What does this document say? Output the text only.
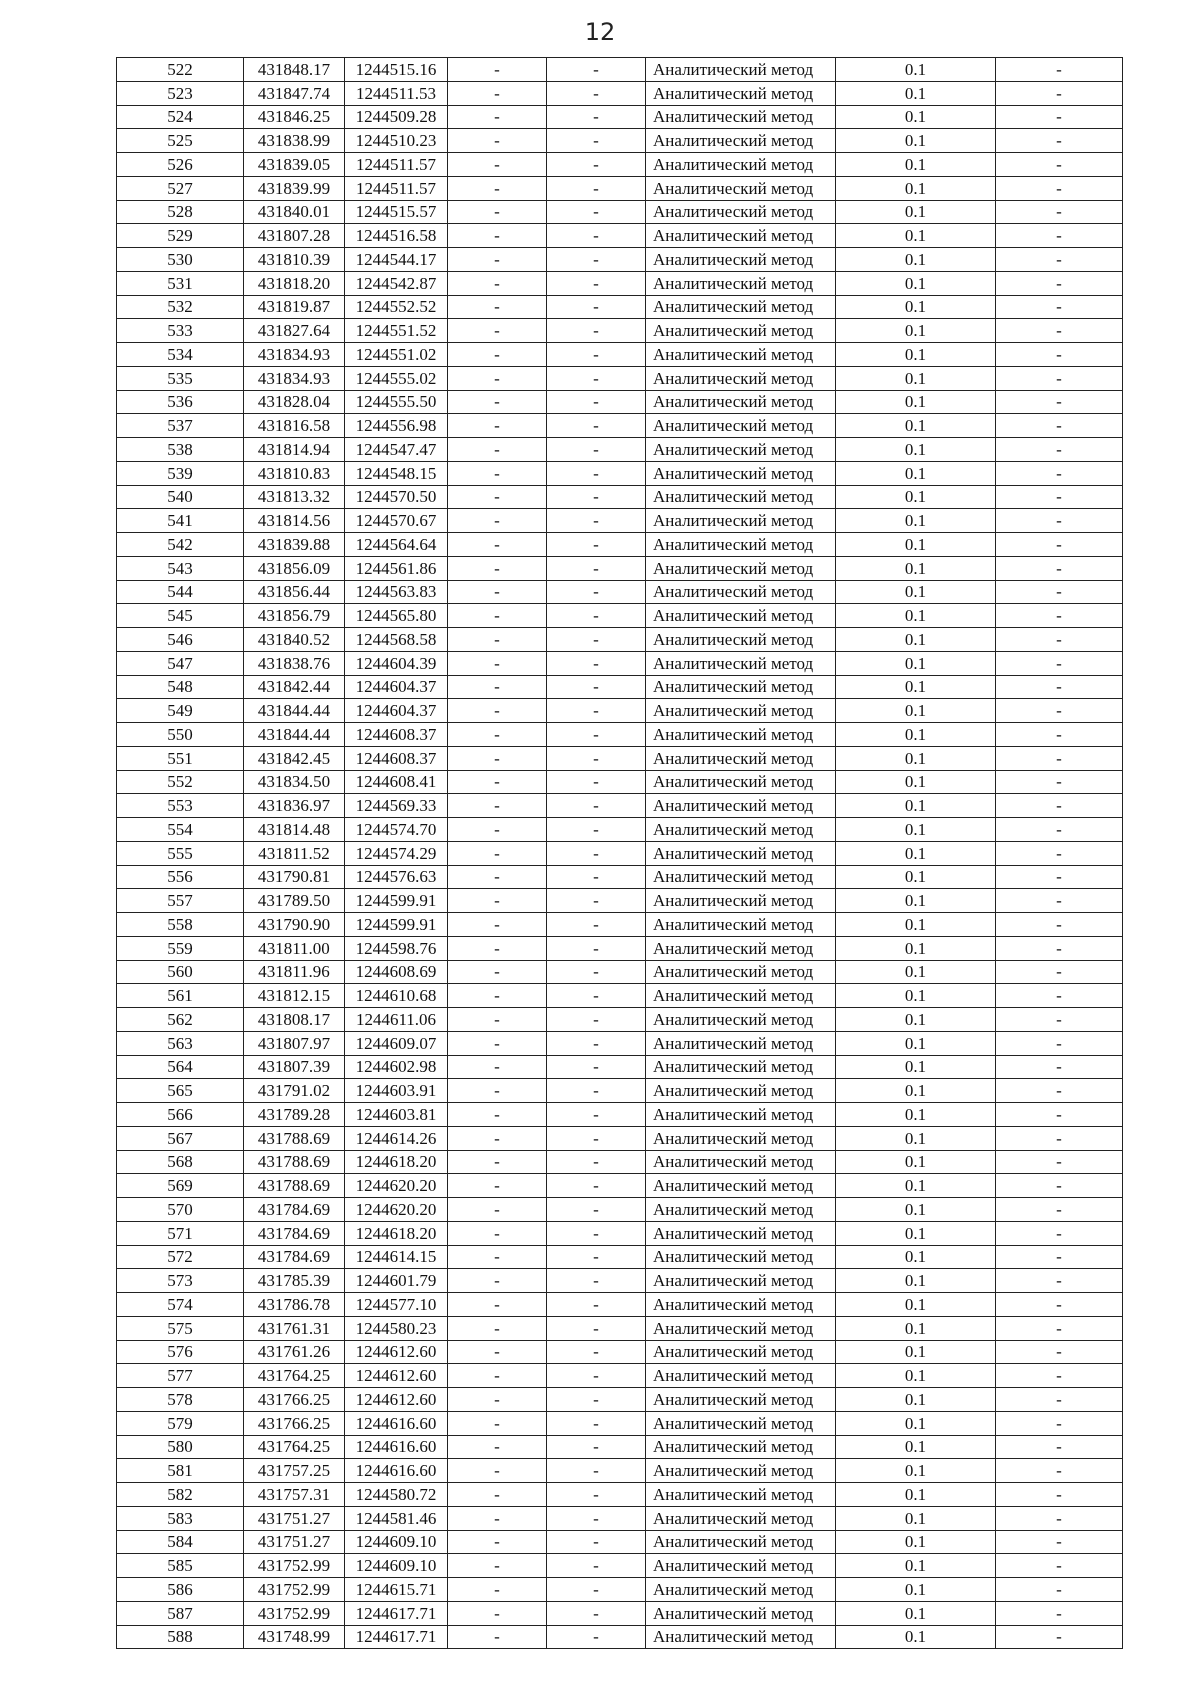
12
522	431848.17	1244515.16	-	-	Аналитический метод	0.1	-
523	431847.74	1244511.53	-	-	Аналитический метод	0.1	-
524	431846.25	1244509.28	-	-	Аналитический метод	0.1	-
525	431838.99	1244510.23	-	-	Аналитический метод	0.1	-
526	431839.05	1244511.57	-	-	Аналитический метод	0.1	-
527	431839.99	1244511.57	-	-	Аналитический метод	0.1	-
528	431840.01	1244515.57	-	-	Аналитический метод	0.1	-
529	431807.28	1244516.58	-	-	Аналитический метод	0.1	-
530	431810.39	1244544.17	-	-	Аналитический метод	0.1	-
531	431818.20	1244542.87	-	-	Аналитический метод	0.1	-
532	431819.87	1244552.52	-	-	Аналитический метод	0.1	-
533	431827.64	1244551.52	-	-	Аналитический метод	0.1	-
534	431834.93	1244551.02	-	-	Аналитический метод	0.1	-
535	431834.93	1244555.02	-	-	Аналитический метод	0.1	-
536	431828.04	1244555.50	-	-	Аналитический метод	0.1	-
537	431816.58	1244556.98	-	-	Аналитический метод	0.1	-
538	431814.94	1244547.47	-	-	Аналитический метод	0.1	-
539	431810.83	1244548.15	-	-	Аналитический метод	0.1	-
540	431813.32	1244570.50	-	-	Аналитический метод	0.1	-
541	431814.56	1244570.67	-	-	Аналитический метод	0.1	-
542	431839.88	1244564.64	-	-	Аналитический метод	0.1	-
543	431856.09	1244561.86	-	-	Аналитический метод	0.1	-
544	431856.44	1244563.83	-	-	Аналитический метод	0.1	-
545	431856.79	1244565.80	-	-	Аналитический метод	0.1	-
546	431840.52	1244568.58	-	-	Аналитический метод	0.1	-
547	431838.76	1244604.39	-	-	Аналитический метод	0.1	-
548	431842.44	1244604.37	-	-	Аналитический метод	0.1	-
549	431844.44	1244604.37	-	-	Аналитический метод	0.1	-
550	431844.44	1244608.37	-	-	Аналитический метод	0.1	-
551	431842.45	1244608.37	-	-	Аналитический метод	0.1	-
552	431834.50	1244608.41	-	-	Аналитический метод	0.1	-
553	431836.97	1244569.33	-	-	Аналитический метод	0.1	-
554	431814.48	1244574.70	-	-	Аналитический метод	0.1	-
555	431811.52	1244574.29	-	-	Аналитический метод	0.1	-
556	431790.81	1244576.63	-	-	Аналитический метод	0.1	-
557	431789.50	1244599.91	-	-	Аналитический метод	0.1	-
558	431790.90	1244599.91	-	-	Аналитический метод	0.1	-
559	431811.00	1244598.76	-	-	Аналитический метод	0.1	-
560	431811.96	1244608.69	-	-	Аналитический метод	0.1	-
561	431812.15	1244610.68	-	-	Аналитический метод	0.1	-
562	431808.17	1244611.06	-	-	Аналитический метод	0.1	-
563	431807.97	1244609.07	-	-	Аналитический метод	0.1	-
564	431807.39	1244602.98	-	-	Аналитический метод	0.1	-
565	431791.02	1244603.91	-	-	Аналитический метод	0.1	-
566	431789.28	1244603.81	-	-	Аналитический метод	0.1	-
567	431788.69	1244614.26	-	-	Аналитический метод	0.1	-
568	431788.69	1244618.20	-	-	Аналитический метод	0.1	-
569	431788.69	1244620.20	-	-	Аналитический метод	0.1	-
570	431784.69	1244620.20	-	-	Аналитический метод	0.1	-
571	431784.69	1244618.20	-	-	Аналитический метод	0.1	-
572	431784.69	1244614.15	-	-	Аналитический метод	0.1	-
573	431785.39	1244601.79	-	-	Аналитический метод	0.1	-
574	431786.78	1244577.10	-	-	Аналитический метод	0.1	-
575	431761.31	1244580.23	-	-	Аналитический метод	0.1	-
576	431761.26	1244612.60	-	-	Аналитический метод	0.1	-
577	431764.25	1244612.60	-	-	Аналитический метод	0.1	-
578	431766.25	1244612.60	-	-	Аналитический метод	0.1	-
579	431766.25	1244616.60	-	-	Аналитический метод	0.1	-
580	431764.25	1244616.60	-	-	Аналитический метод	0.1	-
581	431757.25	1244616.60	-	-	Аналитический метод	0.1	-
582	431757.31	1244580.72	-	-	Аналитический метод	0.1	-
583	431751.27	1244581.46	-	-	Аналитический метод	0.1	-
584	431751.27	1244609.10	-	-	Аналитический метод	0.1	-
585	431752.99	1244609.10	-	-	Аналитический метод	0.1	-
586	431752.99	1244615.71	-	-	Аналитический метод	0.1	-
587	431752.99	1244617.71	-	-	Аналитический метод	0.1	-
588	431748.99	1244617.71	-	-	Аналитический метод	0.1	-
